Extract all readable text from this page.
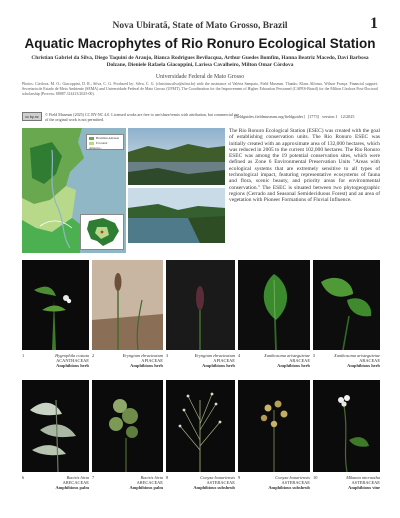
Nova Ubiratã, State of Mato Grosso, Brazil	1
Aquatic Macrophytes of Rio Ronuro Ecological Station
Christian Gabriel da Silva, Diego Taquini de Araujo, Bianca Rodrigues Bevilacqua, Arthur Guedes Bomfim, Hanna Beatriz Macedo, Davi Barbosa Dolzane, Dieniele Rafaela Giacoppini, Larissa Cavalheiro, Milton Omar Córdova
Universidade Federal de Mato Grosso
Photos: Córdova, M. O.; Giacoppini, D. R.; Silva, C. G. Produced by: Silva, C. G. (christian.silva@ufmt.br) with the assistance of Valéria Sampaio, Field Museum. Thanks: Klaus Alfonso, Wilson França. Financial support: Secretaria de Estado de Meio Ambiente (SEMA) and Universidade Federal de Mato Grosso (UFMT). The Coordination for the Improvement of Higher Education Personnel (CAPES-Brazil) for the Milton Córdova Post-Doctoral scholarship (Process: 88887.314413/2025-00).
cc by-nc	© Field Museum (2025) CC BY-NC 4.0. Licensed works are free to use/share/remix with attribution, but commercial use of the original work is not permitted.
[fieldguides.fieldmuseum.org/fieldguides] [1773] version 1 12/2025
Brazilian Amazon
Ecotonal Amazon...

The Rio Ronuro Ecological Station (ESEC) was created with the goal of establishing conservation units. The Rio Ronuro ESEC was initially created with an approximate area of 132,000 hectares, which was reduced in 2005 to the current 102,000 hectares. The Rio Ronuro ESEC was among the 19 potential conservation sites, which were defined as Zone 6 Environmental Preservation Units "Areas with ecological systems that are extremely sensitive to all types of technological impact, featuring representative ecosystems of fauna and flora, scenic beauty, and priority areas for environmental conservation." The ESEC is situated between two phytogeographic regions (Cerrado and Seasonal Semideciduous Forest) and an area of vegetation with Pioneer Formations of Fluvial Influence.

1	Hygrophila costata
ACANTHACEAE
Amphibious herb
2	Eryngium ebracteatum
APIACEAE
Amphibious herb
3	Eryngium ebracteatum
APIACEAE
Amphibious herb
4	Xanthosoma aristeguietae
ARACEAE
Amphibious herb
5	Xanthosoma aristeguietae
ARACEAE
Amphibious herb
6	Bactris hirta
ARECACEAE
Amphibious palm
7	Bactris hirta
ARECACEAE
Amphibious palm
8	Conyza bonariensis
ASTERACEAE
Amphibious subshrub
9	Conyza bonariensis
ASTERACEAE
Amphibious subshrub
10	Mikania micrantha
ASTERACEAE
Amphibious vine
